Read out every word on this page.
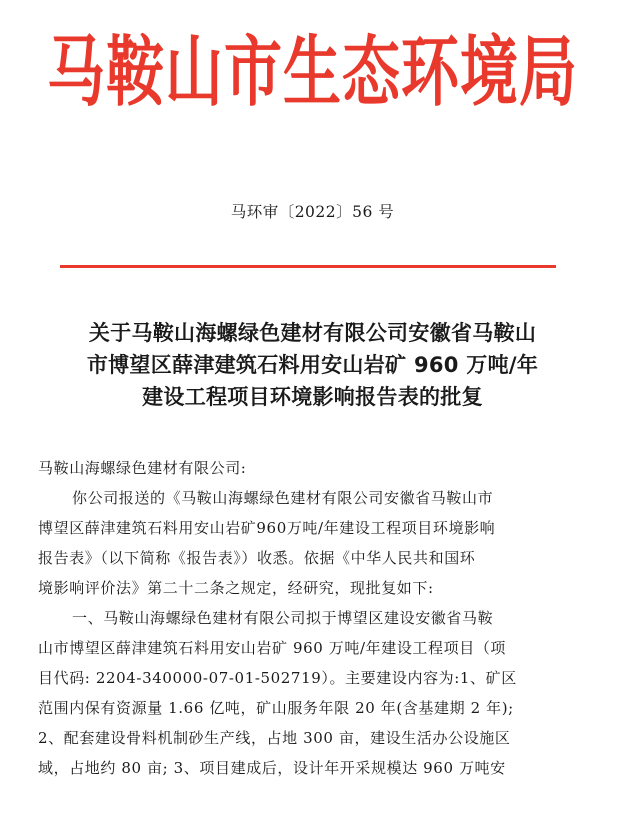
马鞍山市生态环境局
马环审〔2022〕56 号
关于马鞍山海螺绿色建材有限公司安徽省马鞍山
市博望区薛津建筑石料用安山岩矿 960 万吨/年
建设工程项目环境影响报告表的批复
马鞍山海螺绿色建材有限公司:
你公司报送的《马鞍山海螺绿色建材有限公司安徽省马鞍山市
博望区薛津建筑石料用安山岩矿960万吨/年建设工程项目环境影响
报告表》（以下简称《报告表》）收悉。依据《中华人民共和国环
境影响评价法》第二十二条之规定，经研究，现批复如下:
一、马鞍山海螺绿色建材有限公司拟于博望区建设安徽省马鞍
山市博望区薛津建筑石料用安山岩矿 960 万吨/年建设工程项目（项
目代码: 2204-340000-07-01-502719）。主要建设内容为:1、矿区
范围内保有资源量 1.66 亿吨，矿山服务年限 20 年(含基建期 2 年);
2、配套建设骨料机制砂生产线，占地 300 亩，建设生活办公设施区
域，占地约 80 亩; 3、项目建成后，设计年开采规模达 960 万吨安
